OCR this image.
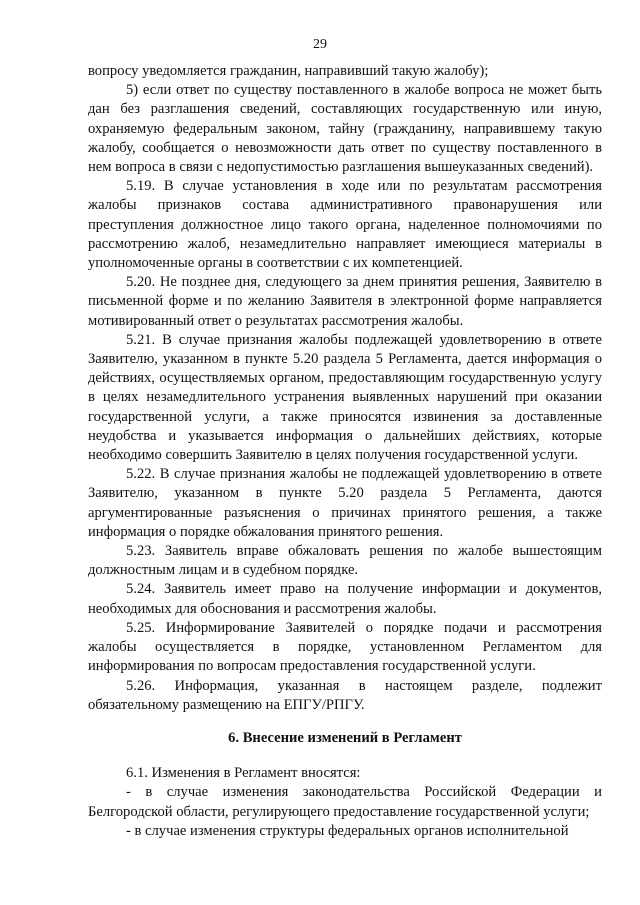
29

вопросу уведомляется гражданин, направивший такую жалобу);

5) если ответ по существу поставленного в жалобе вопроса не может быть дан без разглашения сведений, составляющих государственную или иную, охраняемую федеральным законом, тайну (гражданину, направившему такую жалобу, сообщается о невозможности дать ответ по существу поставленного в нем вопроса в связи с недопустимостью разглашения вышеуказанных сведений).

5.19. В случае установления в ходе или по результатам рассмотрения жалобы признаков состава административного правонарушения или преступления должностное лицо такого органа, наделенное полномочиями по рассмотрению жалоб, незамедлительно направляет имеющиеся материалы в уполномоченные органы в соответствии с их компетенцией.

5.20. Не позднее дня, следующего за днем принятия решения, Заявителю в письменной форме и по желанию Заявителя в электронной форме направляется мотивированный ответ о результатах рассмотрения жалобы.

5.21. В случае признания жалобы подлежащей удовлетворению в ответе Заявителю, указанном в пункте 5.20 раздела 5 Регламента, дается информация о действиях, осуществляемых органом, предоставляющим государственную услугу в целях незамедлительного устранения выявленных нарушений при оказании государственной услуги, а также приносятся извинения за доставленные неудобства и указывается информация о дальнейших действиях, которые необходимо совершить Заявителю в целях получения государственной услуги.

5.22. В случае признания жалобы не подлежащей удовлетворению в ответе Заявителю, указанном в пункте 5.20 раздела 5 Регламента, даются аргументированные разъяснения о причинах принятого решения, а также информация о порядке обжалования принятого решения.

5.23. Заявитель вправе обжаловать решения по жалобе вышестоящим должностным лицам и в судебном порядке.

5.24. Заявитель имеет право на получение информации и документов, необходимых для обоснования и рассмотрения жалобы.

5.25. Информирование Заявителей о порядке подачи и рассмотрения жалобы осуществляется в порядке, установленном Регламентом для информирования по вопросам предоставления государственной услуги.

5.26. Информация, указанная в настоящем разделе, подлежит обязательному размещению на ЕПГУ/РПГУ.

6. Внесение изменений в Регламент

6.1. Изменения в Регламент вносятся:

- в случае изменения законодательства Российской Федерации и Белгородской области, регулирующего предоставление государственной услуги;

- в случае изменения структуры федеральных органов исполнительной
